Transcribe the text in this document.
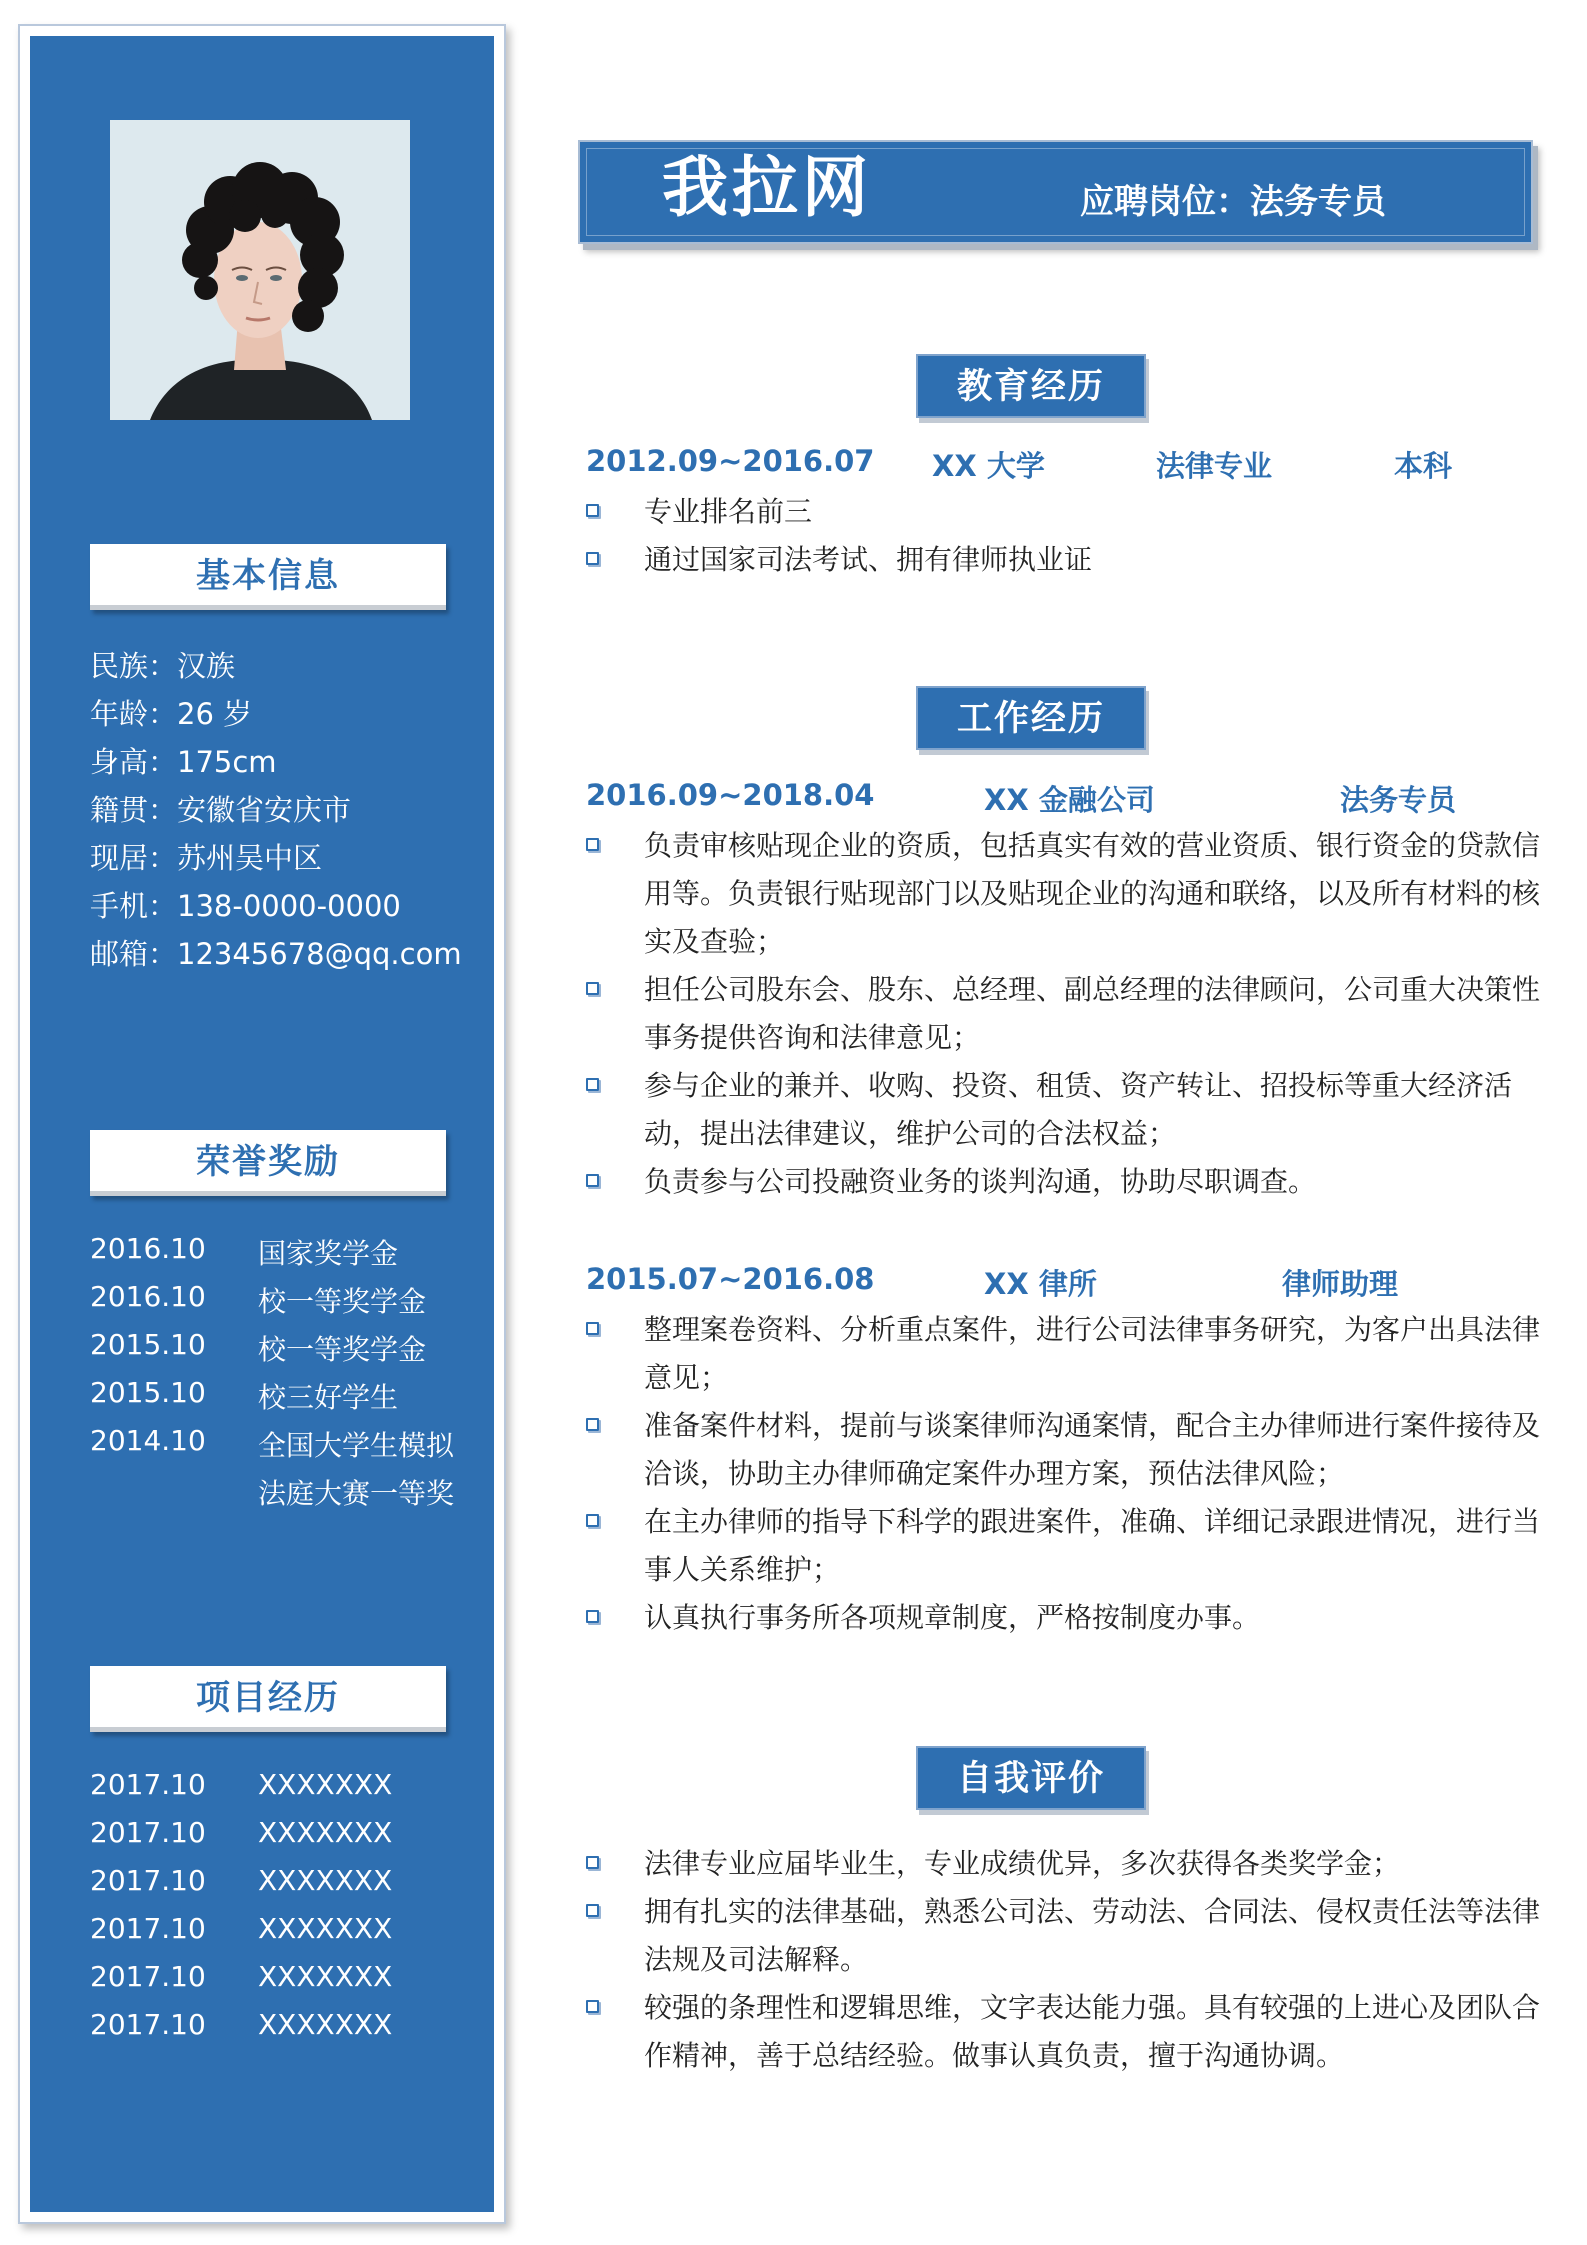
基本信息
民族：汉族
年龄：26 岁
身高：175cm
籍贯：安徽省安庆市
现居：苏州吴中区
手机：138-0000-0000
邮箱：12345678@qq.com
荣誉奖励
2016.10 国家奖学金
2016.10 校一等奖学金
2015.10 校一等奖学金
2015.10 校三好学生
2014.10 全国大学生模拟
法庭大赛一等奖
项目经历
2017.10 XXXXXXX
2017.10 XXXXXXX
2017.10 XXXXXXX
2017.10 XXXXXXX
2017.10 XXXXXXX
2017.10 XXXXXXX
我拉网	应聘岗位：法务专员
教育经历
2012.09~2016.07 XX 大学	法律专业	本科
专业排名前三
通过国家司法考试、拥有律师执业证
工作经历
2016.09~2018.04	XX 金融公司	法务专员
负责审核贴现企业的资质，包括真实有效的营业资质、银行资金的贷款信用等。负责银行贴现部门以及贴现企业的沟通和联络，以及所有材料的核实及查验；
担任公司股东会、股东、总经理、副总经理的法律顾问，公司重大决策性事务提供咨询和法律意见；
参与企业的兼并、收购、投资、租赁、资产转让、招投标等重大经济活动，提出法律建议，维护公司的合法权益；
负责参与公司投融资业务的谈判沟通，协助尽职调查。
2015.07~2016.08	XX 律所	律师助理
整理案卷资料、分析重点案件，进行公司法律事务研究，为客户出具法律意见；
准备案件材料，提前与谈案律师沟通案情，配合主办律师进行案件接待及洽谈，协助主办律师确定案件办理方案，预估法律风险；
在主办律师的指导下科学的跟进案件，准确、详细记录跟进情况，进行当事人关系维护；
认真执行事务所各项规章制度，严格按制度办事。
自我评价
法律专业应届毕业生，专业成绩优异，多次获得各类奖学金；
拥有扎实的法律基础，熟悉公司法、劳动法、合同法、侵权责任法等法律法规及司法解释。
较强的条理性和逻辑思维，文字表达能力强。具有较强的上进心及团队合作精神，善于总结经验。做事认真负责，擅于沟通协调。
